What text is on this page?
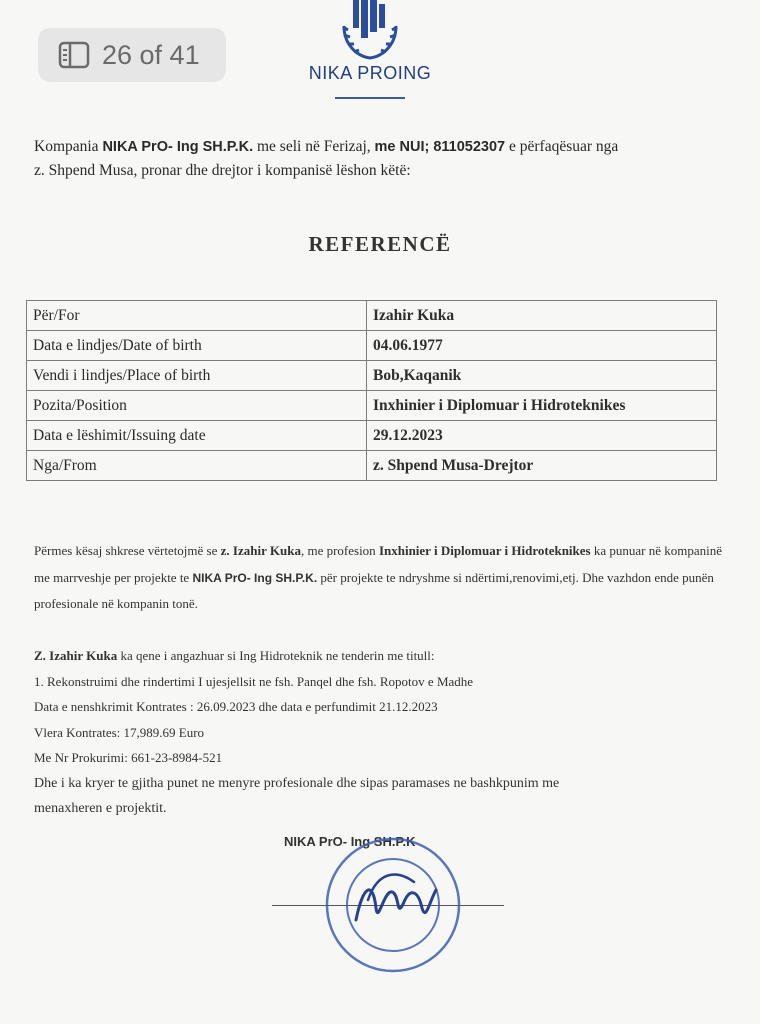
26 of 41
NIKA PROING
Kompania NIKA PrO- Ing SH.P.K. me seli në Ferizaj, me NUI; 811052307 e përfaqësuar nga
z. Shpend Musa, pronar dhe drejtor i kompanisë lëshon këtë:
REFERENCË
Për/For	Izahir Kuka
Data e lindjes/Date of birth	04.06.1977
Vendi i lindjes/Place of birth	Bob,Kaqanik
Pozita/Position	Inxhinier i Diplomuar i Hidroteknikes
Data e lëshimit/Issuing date	29.12.2023
Nga/From	z. Shpend Musa-Drejtor
Përmes kësaj shkrese vërtetojmë se z. Izahir Kuka, me profesion Inxhinier i Diplomuar i Hidroteknikes ka punuar në kompaninë me marrveshje per projekte te NIKA PrO- Ing SH.P.K. për projekte te ndryshme si ndërtimi,renovimi,etj. Dhe vazhdon ende punën profesionale në kompanin tonë.
Z. Izahir Kuka ka qene i angazhuar si Ing Hidroteknik ne tenderin me titull:
1. Rekonstruimi dhe rindertimi I ujesjellsit ne fsh. Panqel dhe fsh. Ropotov e Madhe
Data e nenshkrimit Kontrates : 26.09.2023 dhe data e perfundimit 21.12.2023
Vlera Kontrates: 17,989.69 Euro
Me Nr Prokurimi: 661-23-8984-521
Dhe i ka kryer te gjitha punet ne menyre profesionale dhe sipas paramases ne bashkpunim me
menaxheren e projektit.
NIKA PrO- Ing SH.P.K
